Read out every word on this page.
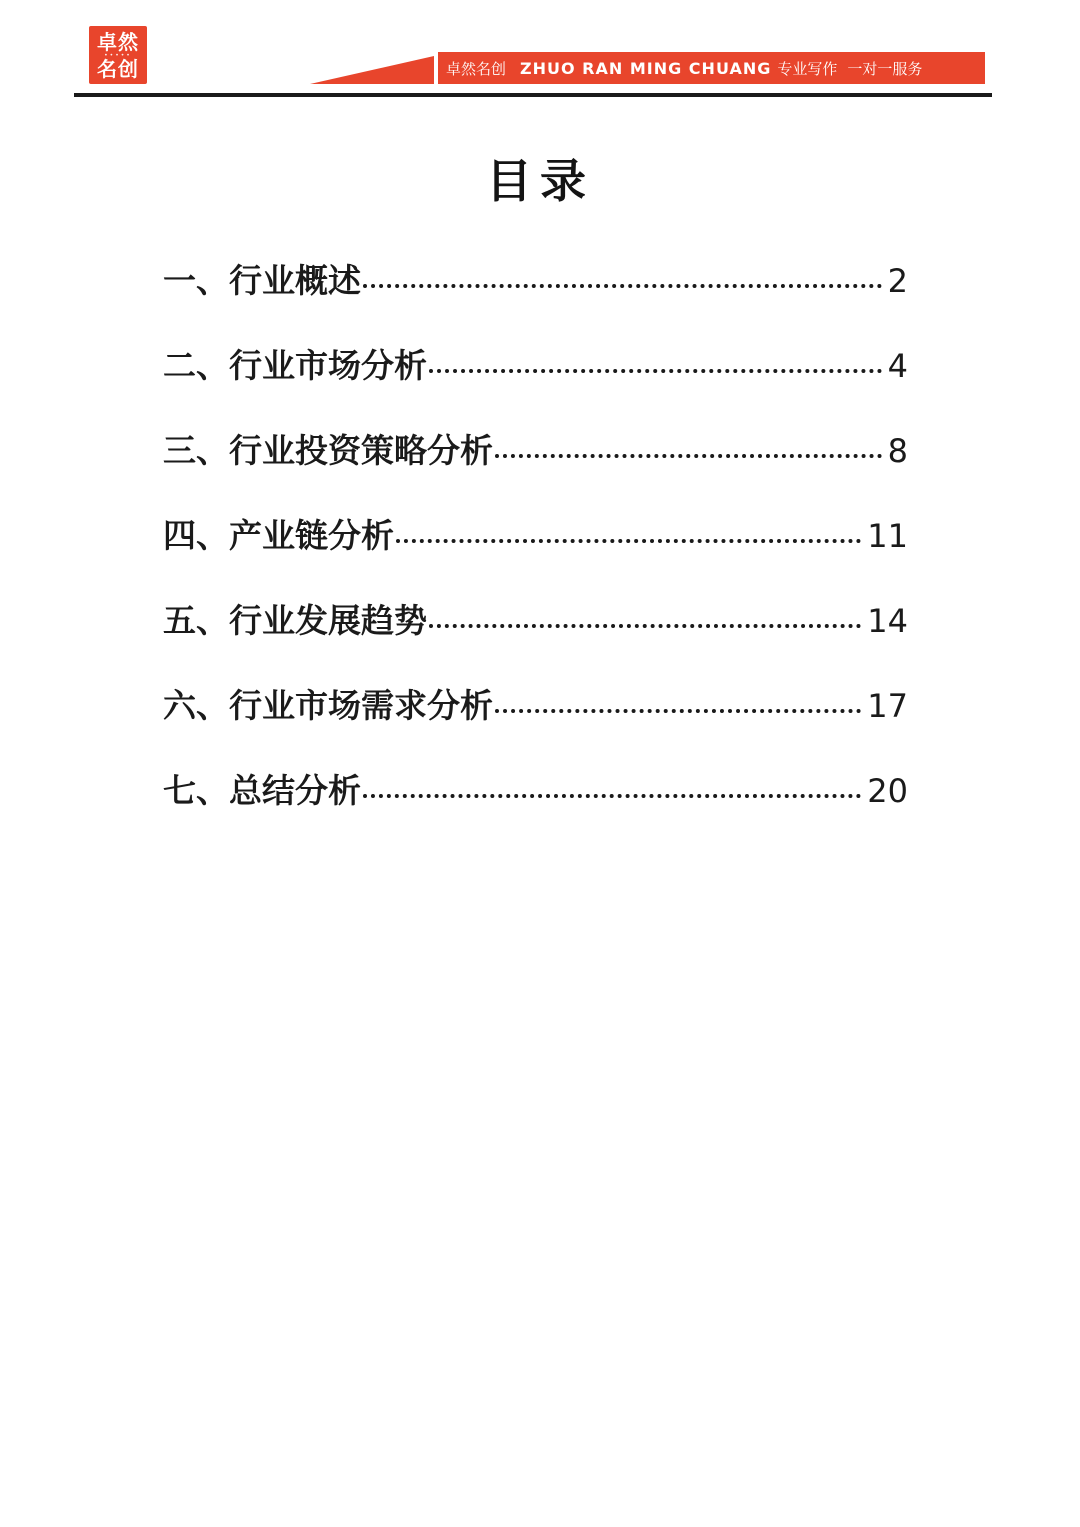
卓然
•••••
名创	卓然名创 ZHUO RAN MING CHUANG 专业写作 一对一服务
目录
一、行业概述	2
二、行业市场分析	4
三、行业投资策略分析	8
四、产业链分析	11
五、行业发展趋势	14
六、行业市场需求分析	17
七、总结分析	20
